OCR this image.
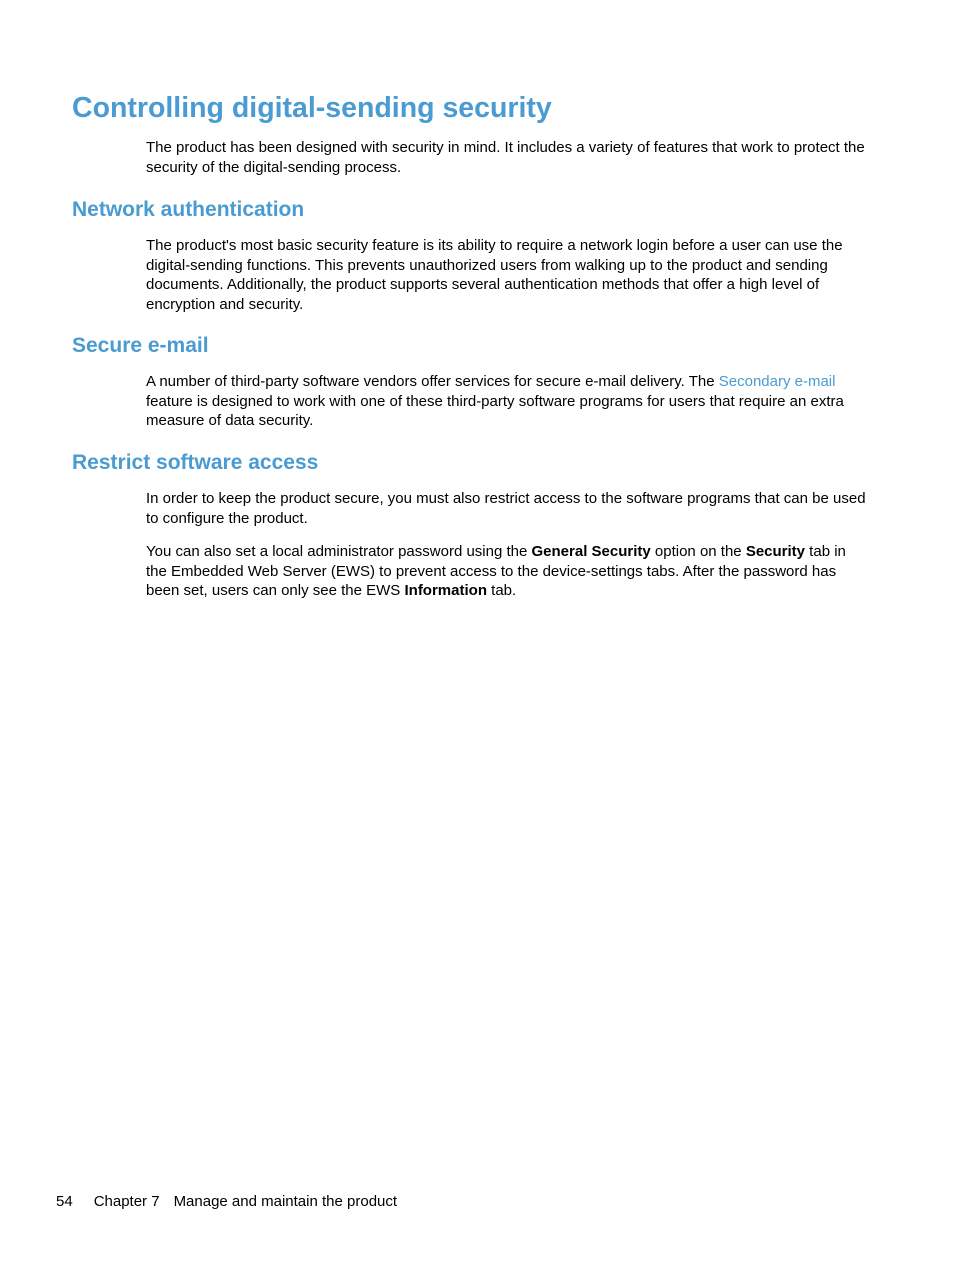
Controlling digital-sending security

The product has been designed with security in mind. It includes a variety of features that work to protect the security of the digital-sending process.

Network authentication

The product's most basic security feature is its ability to require a network login before a user can use the digital-sending functions. This prevents unauthorized users from walking up to the product and sending documents. Additionally, the product supports several authentication methods that offer a high level of encryption and security.

Secure e-mail

A number of third-party software vendors offer services for secure e-mail delivery. The Secondary e-mail feature is designed to work with one of these third-party software programs for users that require an extra measure of data security.

Restrict software access

In order to keep the product secure, you must also restrict access to the software programs that can be used to configure the product.

You can also set a local administrator password using the General Security option on the Security tab in the Embedded Web Server (EWS) to prevent access to the device-settings tabs. After the password has been set, users can only see the EWS Information tab.

54 Chapter 7 Manage and maintain the product
